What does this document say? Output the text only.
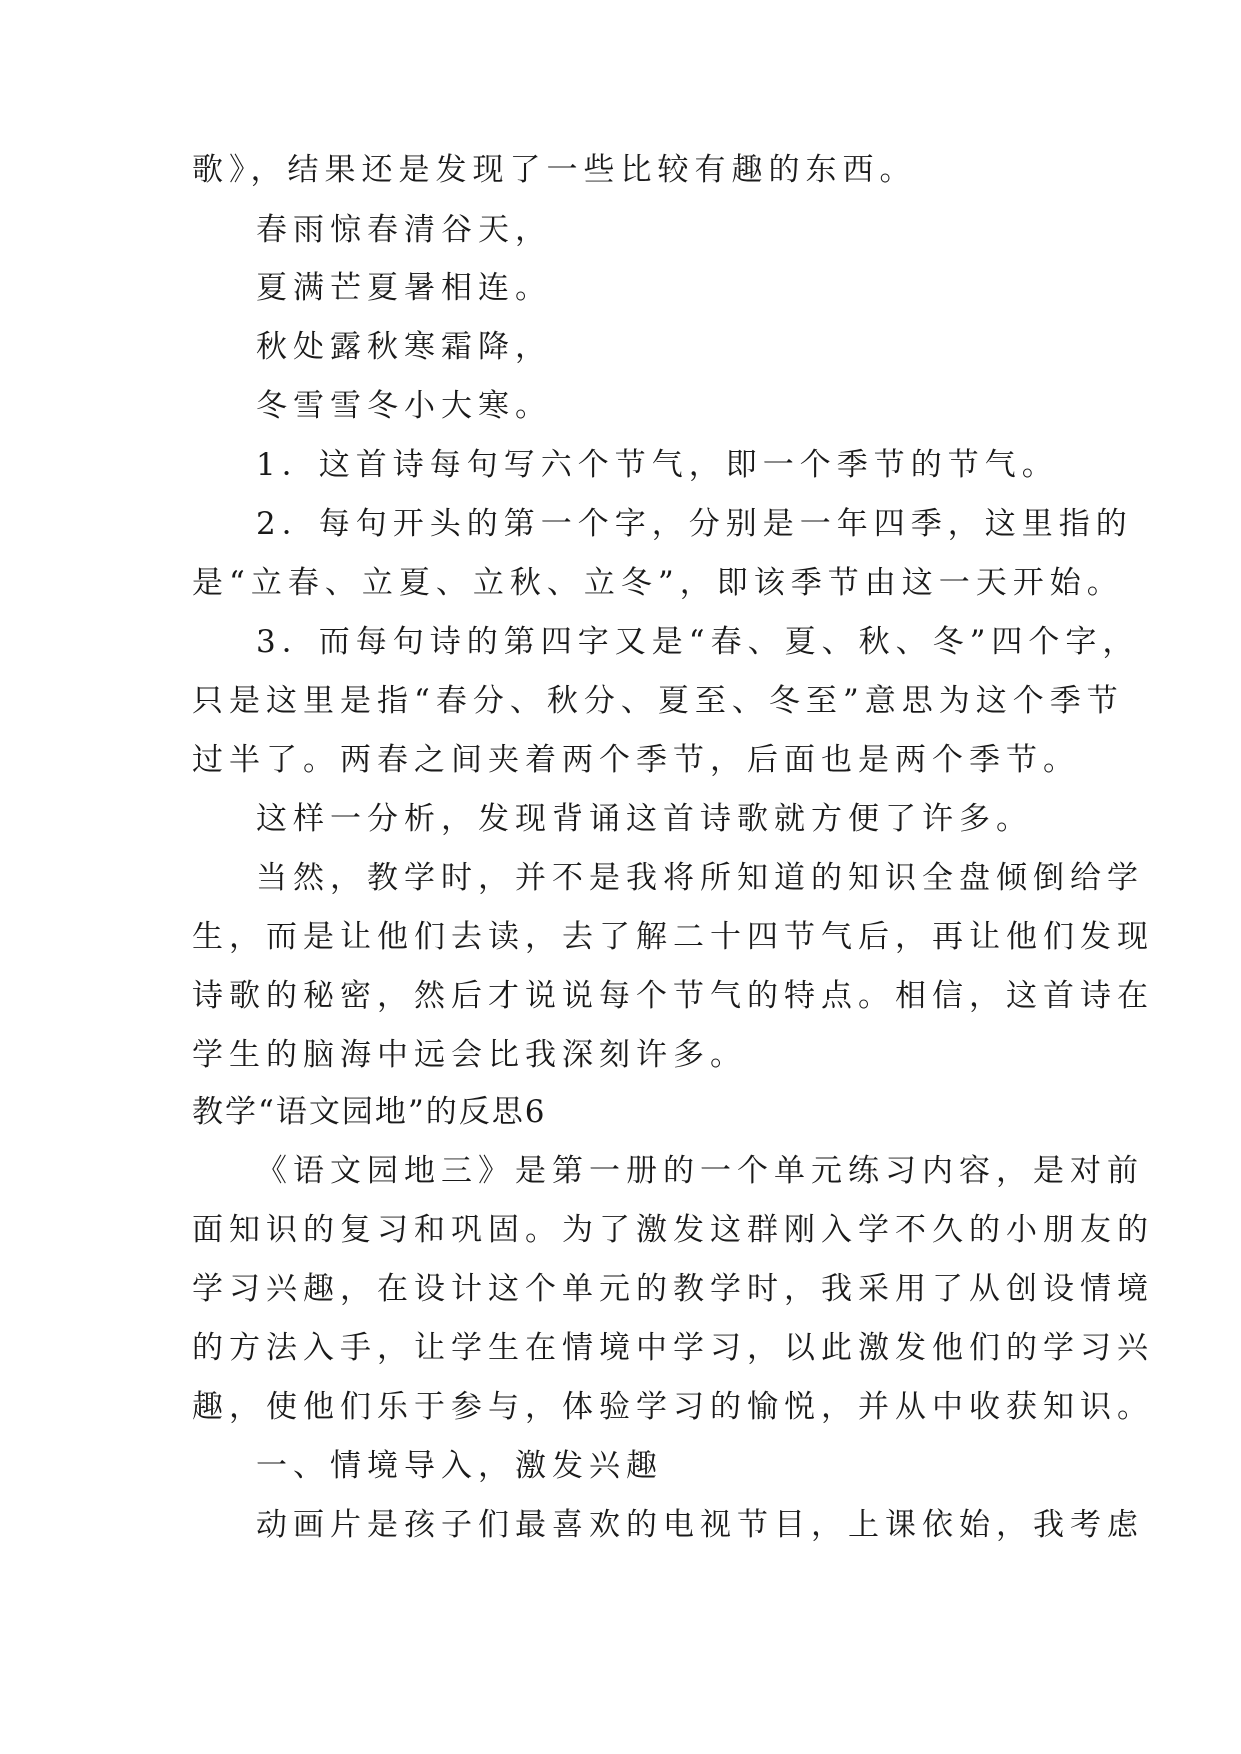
歌》，结果还是发现了一些比较有趣的东西。
春雨惊春清谷天，
夏满芒夏暑相连。
秋处露秋寒霜降，
冬雪雪冬小大寒。
1．这首诗每句写六个节气，即一个季节的节气。
2．每句开头的第一个字，分别是一年四季，这里指的
是“立春、立夏、立秋、立冬”，即该季节由这一天开始。
3．而每句诗的第四字又是“春、夏、秋、冬”四个字，
只是这里是指“春分、秋分、夏至、冬至”意思为这个季节
过半了。两春之间夹着两个季节，后面也是两个季节。
这样一分析，发现背诵这首诗歌就方便了许多。
当然，教学时，并不是我将所知道的知识全盘倾倒给学
生，而是让他们去读，去了解二十四节气后，再让他们发现
诗歌的秘密，然后才说说每个节气的特点。相信，这首诗在
学生的脑海中远会比我深刻许多。
教学“语文园地”的反思6
《语文园地三》是第一册的一个单元练习内容，是对前
面知识的复习和巩固。为了激发这群刚入学不久的小朋友的
学习兴趣，在设计这个单元的教学时，我采用了从创设情境
的方法入手，让学生在情境中学习，以此激发他们的学习兴
趣，使他们乐于参与，体验学习的愉悦，并从中收获知识。
一、情境导入，激发兴趣
动画片是孩子们最喜欢的电视节目，上课依始，我考虑
